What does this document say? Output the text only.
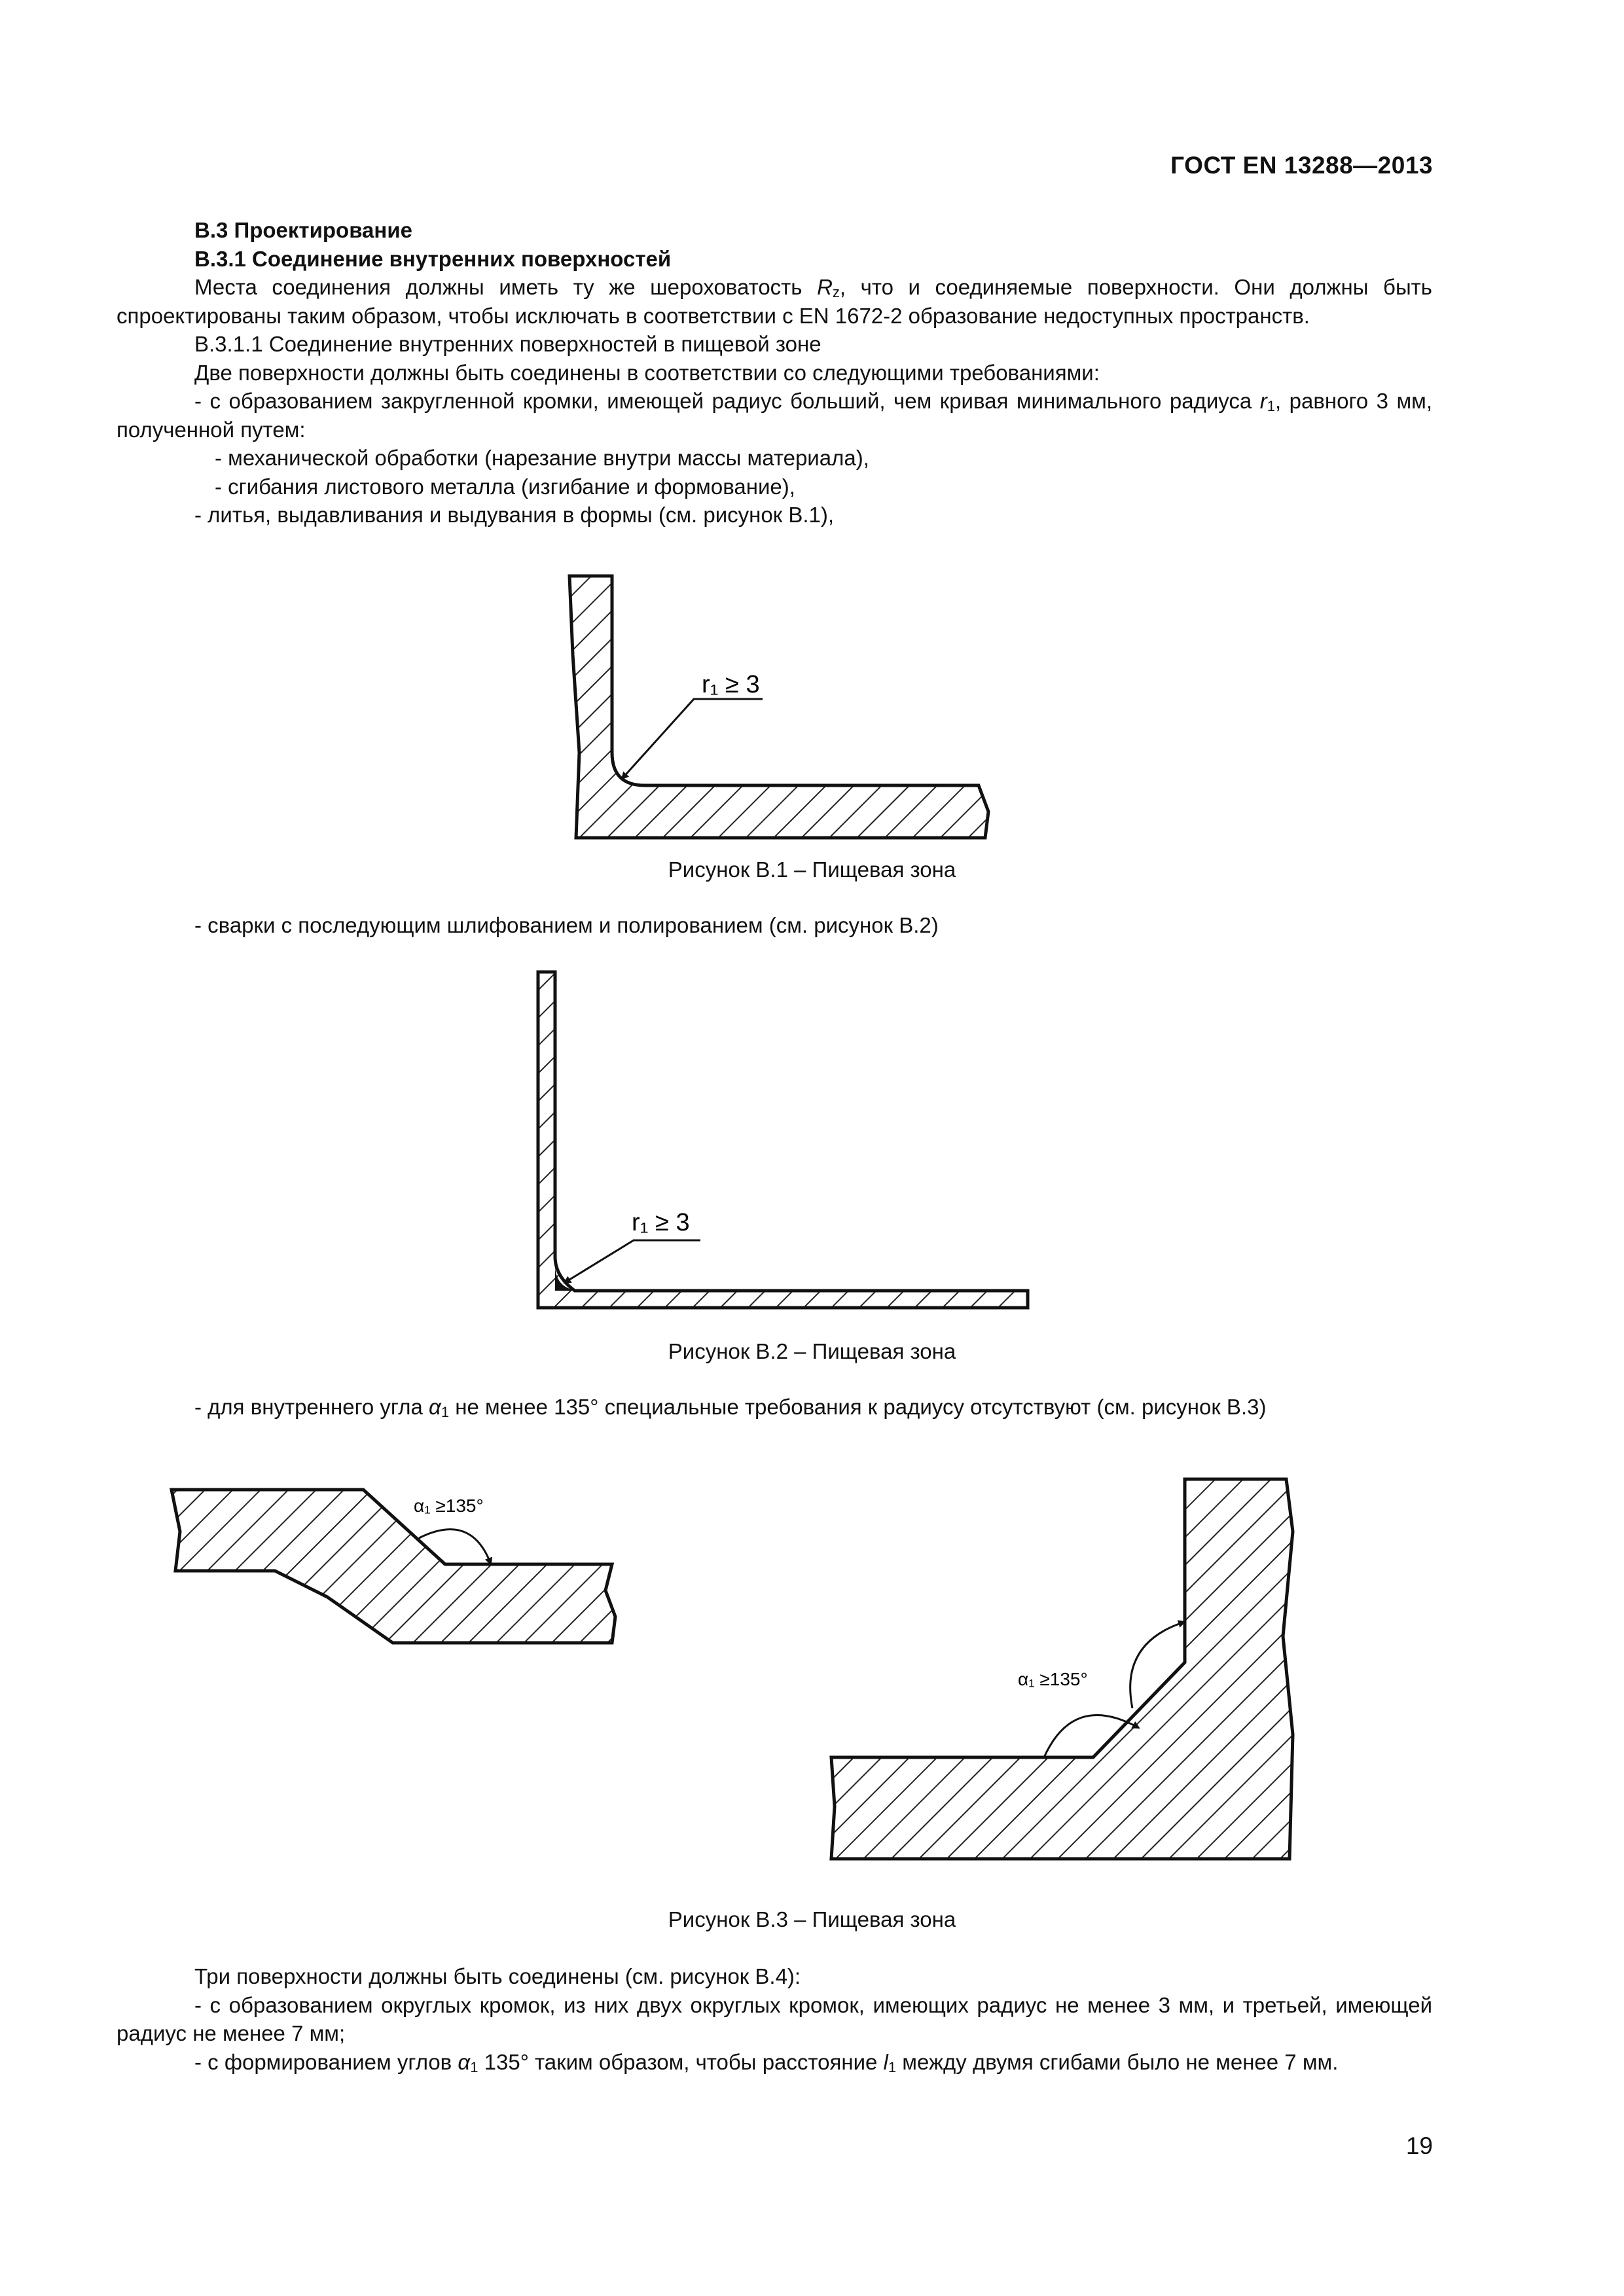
ГОСТ EN 13288—2013

В.3 Проектирование

В.3.1 Соединение внутренних поверхностей

Места соединения должны иметь ту же шероховатость $R_z$, что и соединяемые поверхности. Они должны быть спроектированы таким образом, чтобы исключать в соответствии с EN 1672-2 образование недоступных пространств.

В.3.1.1 Соединение внутренних поверхностей в пищевой зоне

Две поверхности должны быть соединены в соответствии со следующими требованиями:

- с образованием закругленной кромки, имеющей радиус больший, чем кривая минимального радиуса $r_1$, равного 3 мм, полученной путем:

- механической обработки (нарезание внутри массы материала),

- сгибания листового металла (изгибание и формование),

- литья, выдавливания и выдувания в формы (см. рисунок В.1),

r₁ ≥ 3
Рисунок В.1 – Пищевая зона

- сварки с последующим шлифованием и полированием (см. рисунок В.2)

r₁ ≥ 3
Рисунок В.2 – Пищевая зона

- для внутреннего угла $\alpha_1$ не менее 135° специальные требования к радиусу отсутствуют (см. рисунок В.3)

α₁ ≥135°
α₁ ≥135°
Рисунок В.3 – Пищевая зона

Три поверхности должны быть соединены (см. рисунок В.4):

- с образованием округлых кромок, из них двух округлых кромок, имеющих радиус не менее 3 мм, и третьей, имеющей радиус не менее 7 мм;

- с формированием углов $\alpha_1$ 135° таким образом, чтобы расстояние $l_1$ между двумя сгибами было не менее 7 мм.

19
